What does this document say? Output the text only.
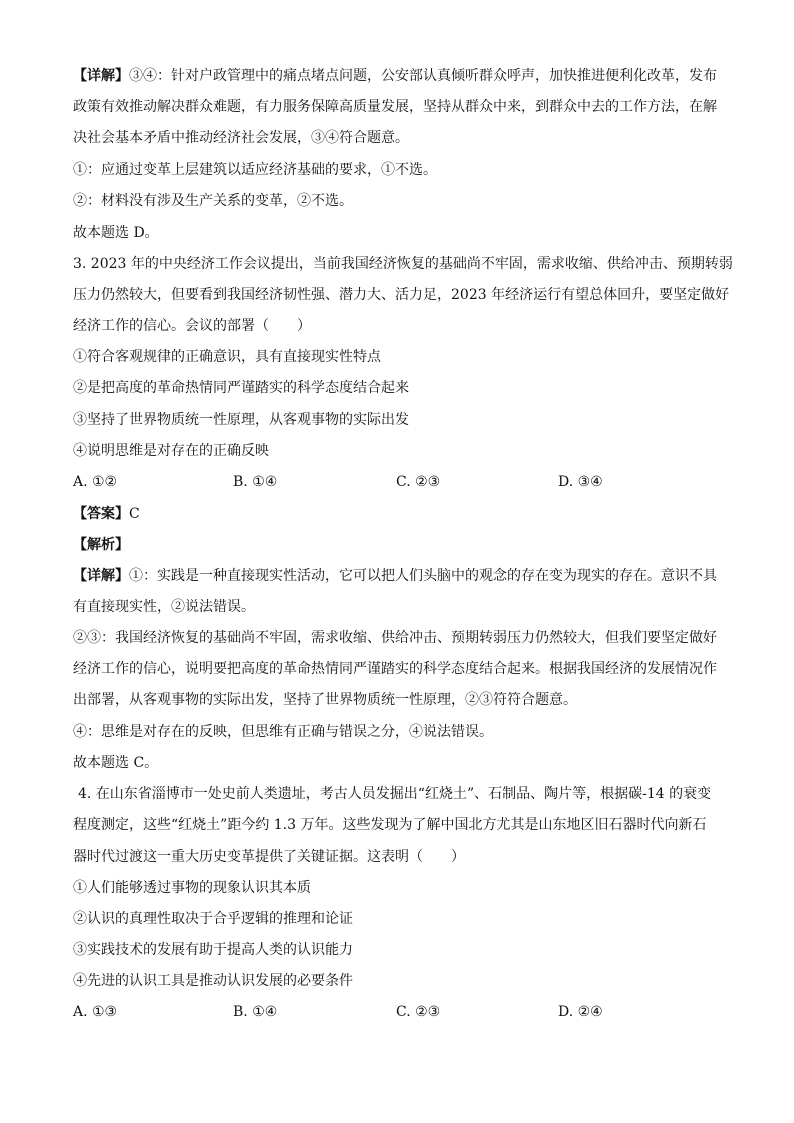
【详解】③④：针对户政管理中的痛点堵点问题，公安部认真倾听群众呼声，加快推进便利化改革，发布
政策有效推动解决群众难题，有力服务保障高质量发展，坚持从群众中来，到群众中去的工作方法，在解
决社会基本矛盾中推动经济社会发展，③④符合题意。
①：应通过变革上层建筑以适应经济基础的要求，①不选。
②：材料没有涉及生产关系的变革，②不选。
故本题选 D。
3. 2023 年的中央经济工作会议提出，当前我国经济恢复的基础尚不牢固，需求收缩、供给冲击、预期转弱
压力仍然较大，但要看到我国经济韧性强、潜力大、活力足，2023 年经济运行有望总体回升，要坚定做好
经济工作的信心。会议的部署（　　）
①符合客观规律的正确意识，具有直接现实性特点
②是把高度的革命热情同严谨踏实的科学态度结合起来
③坚持了世界物质统一性原理，从客观事物的实际出发
④说明思维是对存在的正确反映
A. ①②	B. ①④	C. ②③	D. ③④
【答案】C
【解析】
【详解】①：实践是一种直接现实性活动，它可以把人们头脑中的观念的存在变为现实的存在。意识不具
有直接现实性，②说法错误。
②③：我国经济恢复的基础尚不牢固，需求收缩、供给冲击、预期转弱压力仍然较大，但我们要坚定做好
经济工作的信心，说明要把高度的革命热情同严谨踏实的科学态度结合起来。根据我国经济的发展情况作
出部署，从客观事物的实际出发，坚持了世界物质统一性原理，②③符符合题意。
④：思维是对存在的反映，但思维有正确与错误之分，④说法错误。
故本题选 C。
4. 在山东省淄博市一处史前人类遗址，考古人员发掘出“红烧土”、石制品、陶片等，根据碳-14 的衰变
程度测定，这些“红烧土”距今约 1.3 万年。这些发现为了解中国北方尤其是山东地区旧石器时代向新石
器时代过渡这一重大历史变革提供了关键证据。这表明（　　）
①人们能够透过事物的现象认识其本质
②认识的真理性取决于合乎逻辑的推理和论证
③实践技术的发展有助于提高人类的认识能力
④先进的认识工具是推动认识发展的必要条件
A. ①③	B. ①④	C. ②③	D. ②④
